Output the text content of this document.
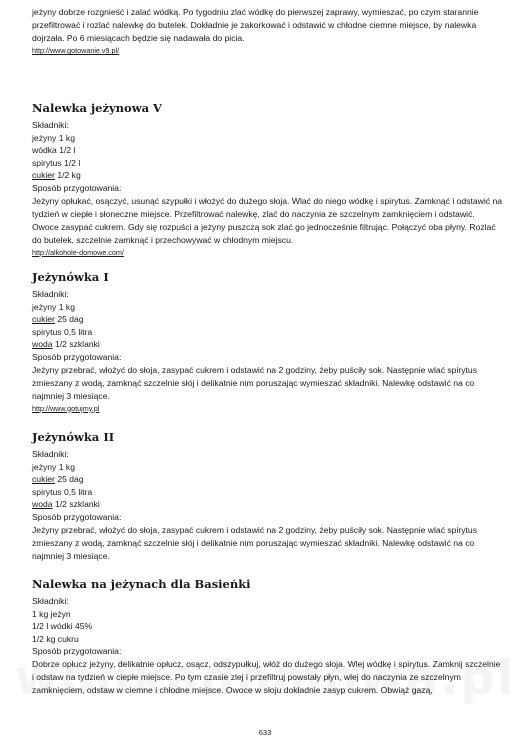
jeżyny dobrze rozgnieść i zalać wódką. Po tygodniu zlać wódkę do pierwszej zaprawy, wymieszać, po czym starannie przefiltrować i rozlać nalewkę do butelek. Dokładnie je zakorkować i odstawić w chłodne ciemne miejsce, by nalewka dojrzała. Po 6 miesiącach będzie się nadawała do picia.

http://www.gotowanie.v9.pl/
Nalewka jeżynowa V
Składniki:
jeżyny 1 kg
wódka 1/2 l
spirytus 1/2 l
cukier 1/2 kg
Sposób przygotowania:

Jeżyny opłukać, osączyć, usunąć szypułki i włożyć do dużego słoja. Wlać do niego wódkę i spirytus. Zamknąć i odstawić na tydzień w ciepłe i słoneczne miejsce. Przefiltrować nalewkę, zlać do naczynia ze szczelnym zamknięciem i odstawić. Owoce zasypać cukrem. Gdy się rozpuści a jeżyny puszczą sok zlać go jednocześnie filtrując. Połączyć oba płyny. Rozlać do butelek, szczelnie zamknąć i przechowywać w chłodnym miejscu.

http://alkohole-domowe.com/
Jeżynówka I
Składniki:
jeżyny 1 kg
cukier 25 dag
spirytus 0,5 litra
woda 1/2 szklanki
Sposób przygotowania:

Jeżyny przebrać, włożyć do słoja, zasypać cukrem i odstawić na 2 godziny, żeby puściły sok. Następnie wlać spirytus zmieszany z wodą, zamknąć szczelnie słój i delikatnie nim poruszając wymieszać składniki. Nalewkę odstawić na co najmniej 3 miesiące.

http://www.gotujmy.pl
Jeżynówka II
Składniki:
jeżyny 1 kg
cukier 25 dag
spirytus 0,5 litra
woda 1/2 szklanki
Sposób przygotowania:

Jeżyny przebrać, włożyć do słoja, zasypać cukrem i odstawić na 2 godziny, żeby puściły sok. Następnie wlać spirytus zmieszany z wodą, zamknąć szczelnie słój i delikatnie nim poruszając wymieszać składniki. Nalewkę odstawić na co najmniej 3 miesiące.

Nalewka na jeżynach dla Basieńki
Składniki:
1 kg jeżyn
1/2 l wódki 45%
1/2 kg cukru
Sposób przygotowania:

Dobrze opłucz jeżyny, delikatnie opłucz, osącz, odszypułkuj, włóż do dużego słoja. Wlej wódkę i spirytus. Zamknij szczelnie i odstaw na tydzień w ciepłe miejsce. Po tym czasie zlej i przefiltruj powstały płyn, wlej do naczynia ze szczelnym zamknięciem, odstaw w ciemne i chłodne miejsce. Owoce w słoju dokładnie zasyp cukrem. Obwiąż gazą,

633
